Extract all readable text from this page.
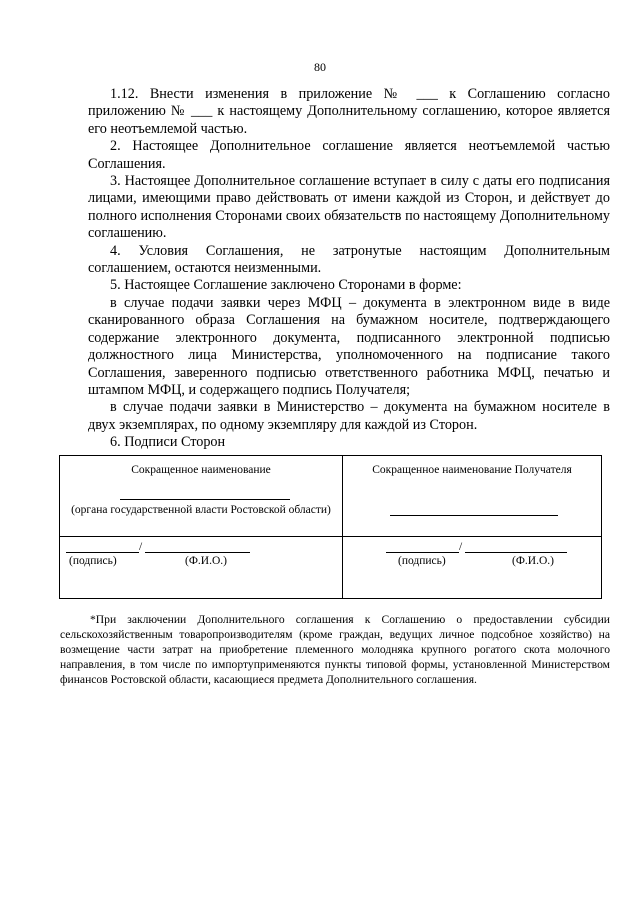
80

1.12. Внести изменения в приложение № ___ к Соглашению согласно приложению № ___ к настоящему Дополнительному соглашению, которое является его неотъемлемой частью.

2. Настоящее Дополнительное соглашение является неотъемлемой частью Соглашения.

3. Настоящее Дополнительное соглашение вступает в силу с даты его подписания лицами, имеющими право действовать от имени каждой из Сторон, и действует до полного исполнения Сторонами своих обязательств по настоящему Дополнительному соглашению.

4. Условия Соглашения, не затронутые настоящим Дополнительным соглашением, остаются неизменными.

5. Настоящее Соглашение заключено Сторонами в форме:

в случае подачи заявки через МФЦ – документа в электронном виде в виде сканированного образа Соглашения на бумажном носителе, подтверждающего содержание электронного документа, подписанного электронной подписью должностного лица Министерства, уполномоченного на подписание такого Соглашения, заверенного подписью ответственного работника МФЦ, печатью и штампом МФЦ, и содержащего подпись Получателя;

в случае подачи заявки в Министерство – документа на бумажном носителе в двух экземплярах, по одному экземпляру для каждой из Сторон.

6. Подписи Сторон

Сокращенное наименование
(органа государственной власти Ростовской области)
Сокращенное наименование Получателя
/
(подпись)	(Ф.И.О.)
/
(подпись)	(Ф.И.О.)
*При заключении Дополнительного соглашения к Соглашению о предоставлении субсидии сельскохозяйственным товаропроизводителям (кроме граждан, ведущих личное подсобное хозяйство) на возмещение части затрат на приобретение племенного молодняка крупного рогатого скота молочного направления, в том числе по импортуприменяются пункты типовой формы, установленной Министерством финансов Ростовской области, касающиеся предмета Дополнительного соглашения.
